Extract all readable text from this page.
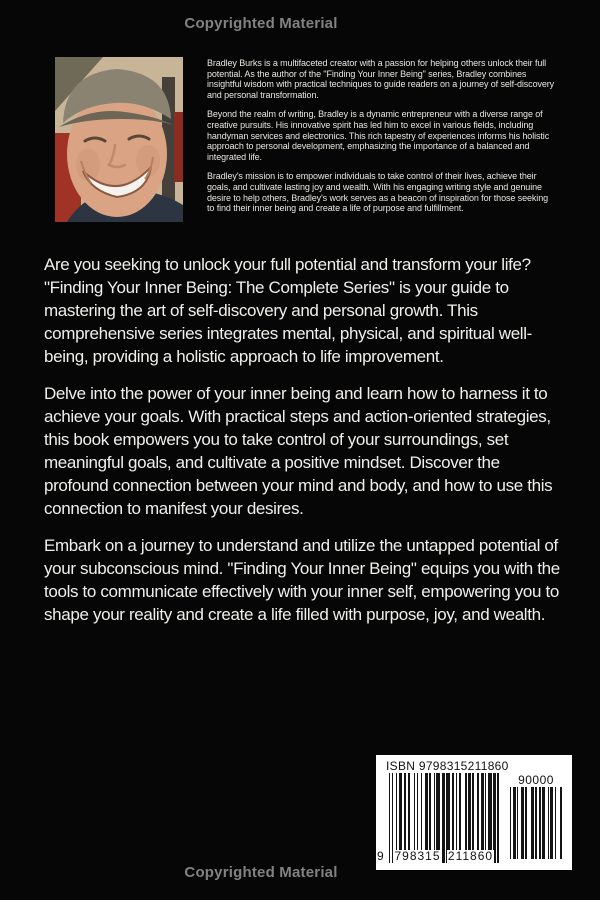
Copyrighted Material

Bradley Burks is a multifaceted creator with a passion for helping others unlock their full potential. As the author of the "Finding Your Inner Being" series, Bradley combines insightful wisdom with practical techniques to guide readers on a journey of self-discovery and personal transformation.

Beyond the realm of writing, Bradley is a dynamic entrepreneur with a diverse range of creative pursuits. His innovative spirit has led him to excel in various fields, including handyman services and electronics. This rich tapestry of experiences informs his holistic approach to personal development, emphasizing the importance of a balanced and integrated life.

Bradley's mission is to empower individuals to take control of their lives, achieve their goals, and cultivate lasting joy and wealth. With his engaging writing style and genuine desire to help others, Bradley's work serves as a beacon of inspiration for those seeking to find their inner being and create a life of purpose and fulfillment.

Are you seeking to unlock your full potential and transform your life? "Finding Your Inner Being: The Complete Series" is your guide to mastering the art of self-discovery and personal growth. This comprehensive series integrates mental, physical, and spiritual well-being, providing a holistic approach to life improvement.

Delve into the power of your inner being and learn how to harness it to achieve your goals. With practical steps and action-oriented strategies, this book empowers you to take control of your surroundings, set meaningful goals, and cultivate a positive mindset. Discover the profound connection between your mind and body, and how to use this connection to manifest your desires.

Embark on a journey to understand and utilize the untapped potential of your subconscious mind. "Finding Your Inner Being" equips you with the tools to communicate effectively with your inner self, empowering you to shape your reality and create a life filled with purpose, joy, and wealth.

ISBN 9798315211860
9 798315 211860
90000
Copyrighted Material
